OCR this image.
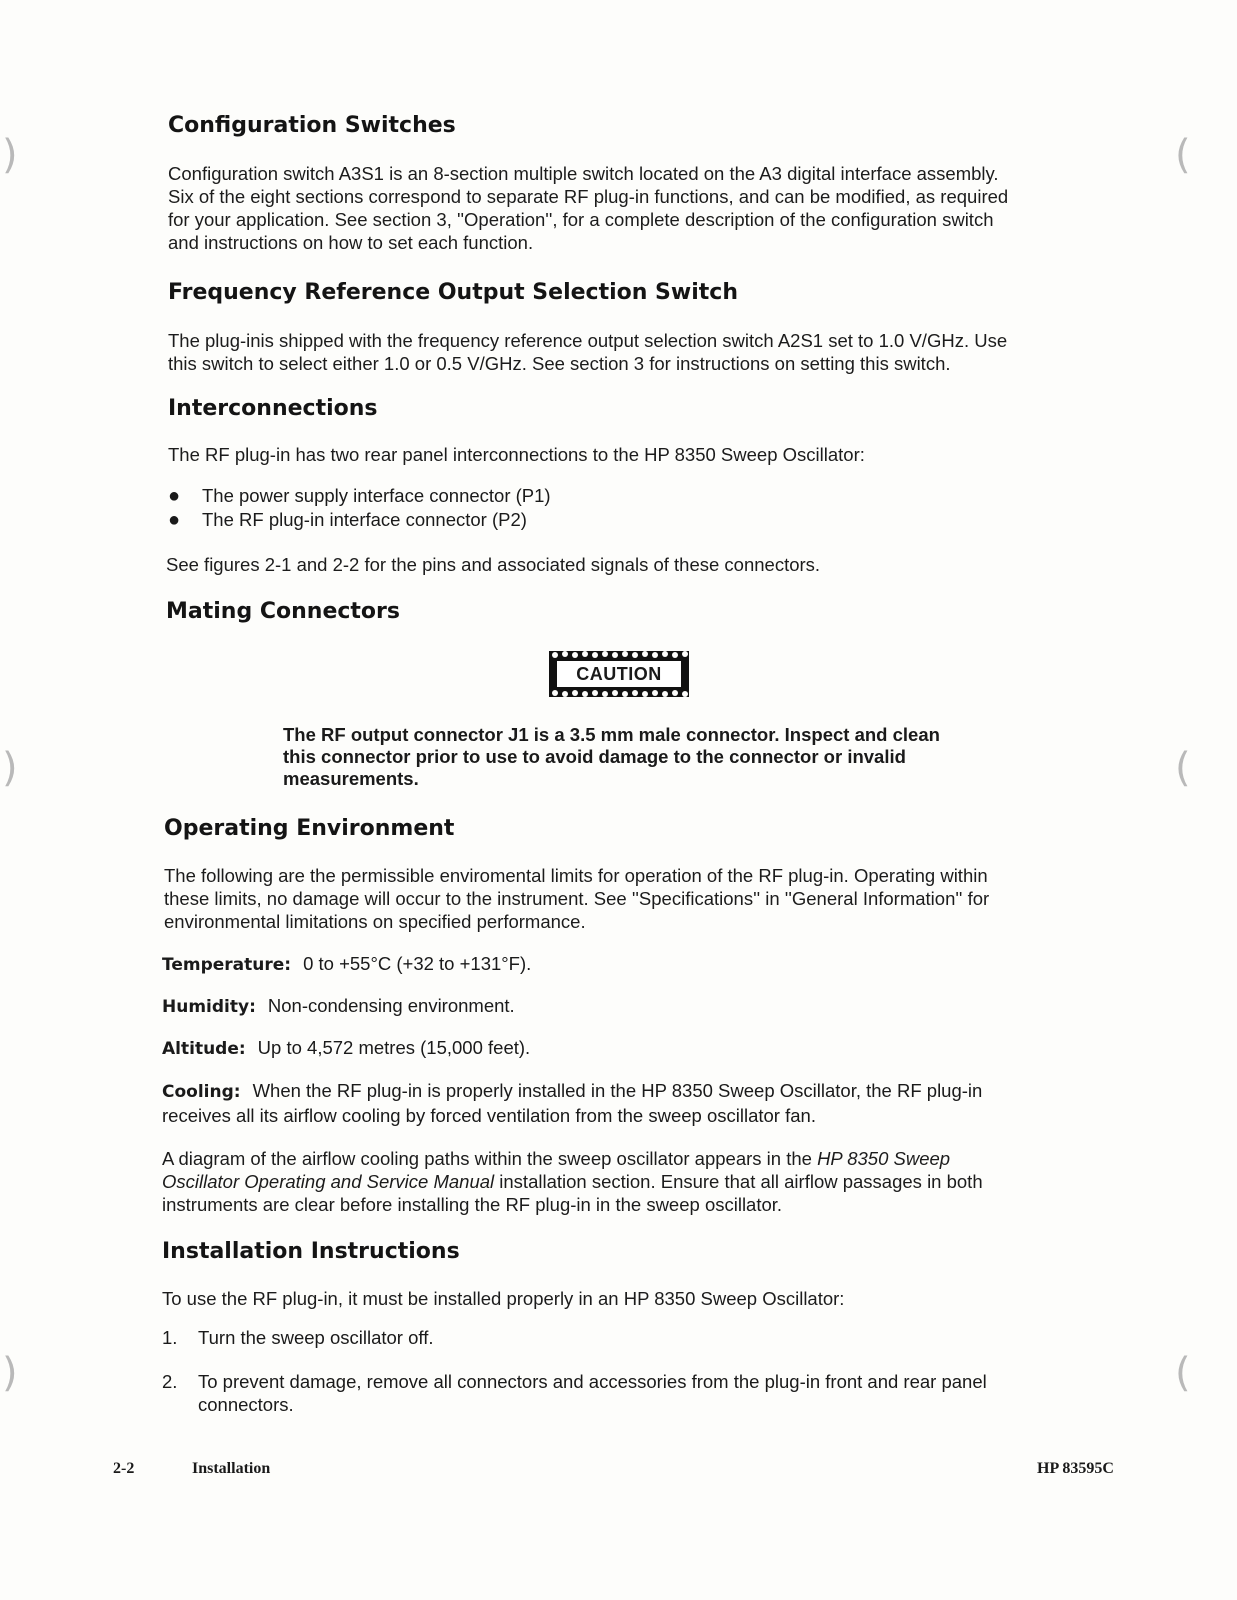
)
)
)
(
(
(
Configuration Switches

Configuration switch A3S1 is an 8-section multiple switch located on the A3 digital interface assembly.
Six of the eight sections correspond to separate RF plug-in functions, and can be modified, as required
for your application. See section 3, ''Operation'', for a complete description of the configuration switch
and instructions on how to set each function.

Frequency Reference Output Selection Switch

The plug-inis shipped with the frequency reference output selection switch A2S1 set to 1.0 V/GHz. Use
this switch to select either 1.0 or 0.5 V/GHz. See section 3 for instructions on setting this switch.

Interconnections

The RF plug-in has two rear panel interconnections to the HP 8350 Sweep Oscillator:

● The power supply interface connector (P1)
● The RF plug-in interface connector (P2)

See figures 2-1 and 2-2 for the pins and associated signals of these connectors.

Mating Connectors
CAUTION

The RF output connector J1 is a 3.5 mm male connector. Inspect and clean
this connector prior to use to avoid damage to the connector or invalid
measurements.

Operating Environment

The following are the permissible enviromental limits for operation of the RF plug-in. Operating within
these limits, no damage will occur to the instrument. See ''Specifications'' in ''General Information'' for
environmental limitations on specified performance.

Temperature: 0 to +55°C (+32 to +131°F).

Humidity: Non-condensing environment.

Altitude: Up to 4,572 metres (15,000 feet).

Cooling: When the RF plug-in is properly installed in the HP 8350 Sweep Oscillator, the RF plug-in
receives all its airflow cooling by forced ventilation from the sweep oscillator fan.

A diagram of the airflow cooling paths within the sweep oscillator appears in the HP 8350 Sweep
Oscillator Operating and Service Manual installation section. Ensure that all airflow passages in both
instruments are clear before installing the RF plug-in in the sweep oscillator.

Installation Instructions

To use the RF plug-in, it must be installed properly in an HP 8350 Sweep Oscillator:

1.	Turn the sweep oscillator off.
2.	To prevent damage, remove all connectors and accessories from the plug-in front and rear panel
connectors.
2-2	Installation	HP 83595C
